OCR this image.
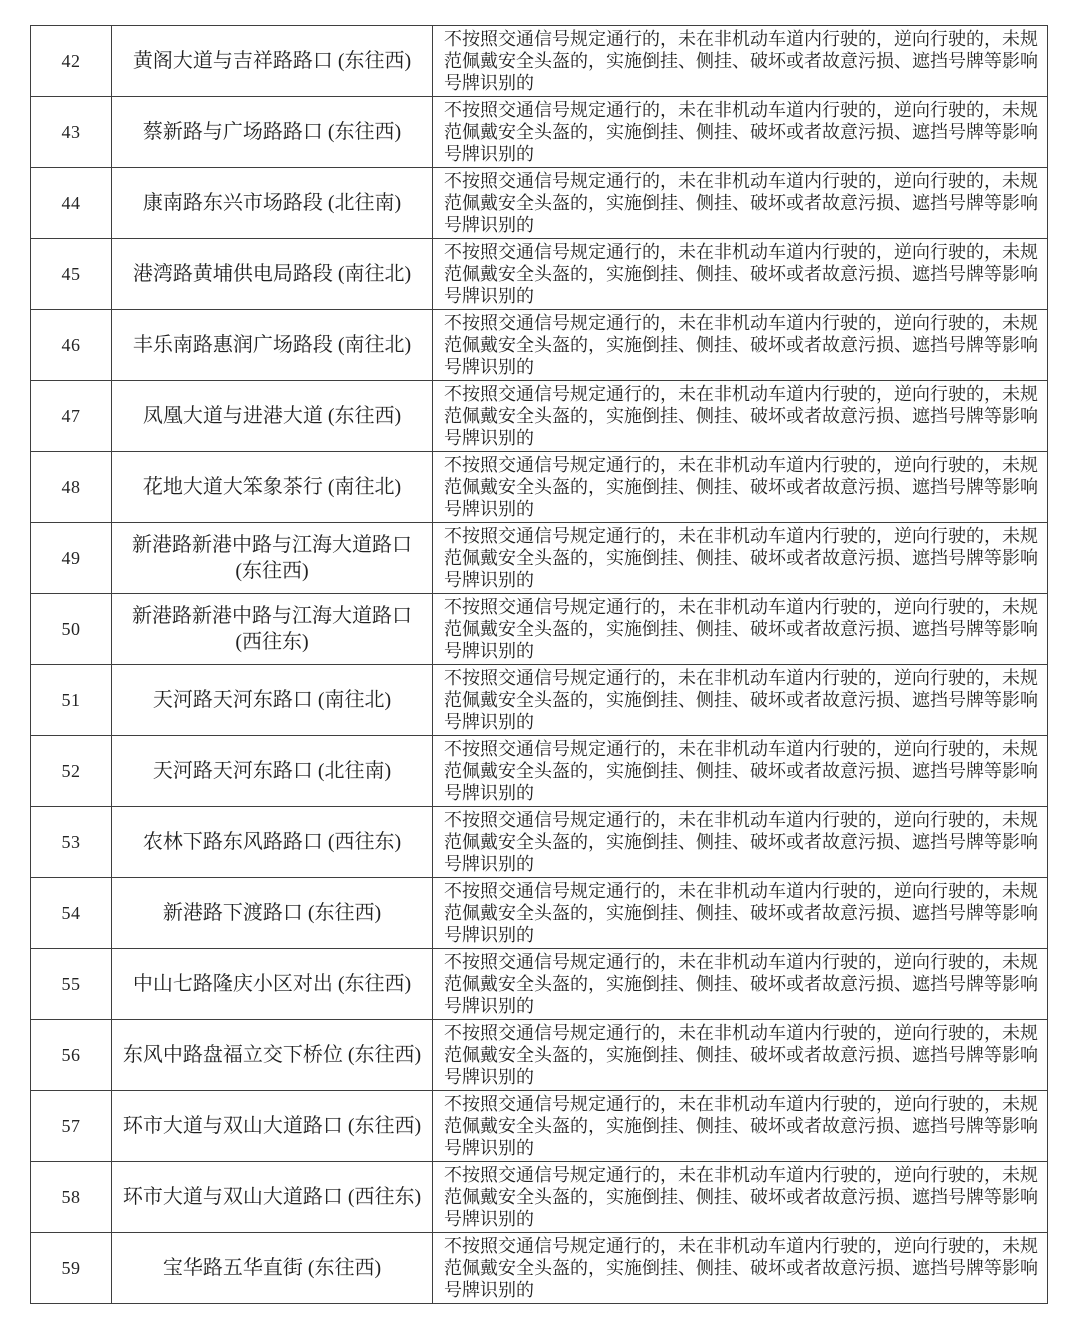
42	黄阁大道与吉祥路路口 (东往西)	不按照交通信号规定通行的，未在非机动车道内行驶的，逆向行驶的，未规范佩戴安全头盔的，实施倒挂、侧挂、破坏或者故意污损、遮挡号牌等影响号牌识别的
43	蔡新路与广场路路口 (东往西)	不按照交通信号规定通行的，未在非机动车道内行驶的，逆向行驶的，未规范佩戴安全头盔的，实施倒挂、侧挂、破坏或者故意污损、遮挡号牌等影响号牌识别的
44	康南路东兴市场路段 (北往南)	不按照交通信号规定通行的，未在非机动车道内行驶的，逆向行驶的，未规范佩戴安全头盔的，实施倒挂、侧挂、破坏或者故意污损、遮挡号牌等影响号牌识别的
45	港湾路黄埔供电局路段 (南往北)	不按照交通信号规定通行的，未在非机动车道内行驶的，逆向行驶的，未规范佩戴安全头盔的，实施倒挂、侧挂、破坏或者故意污损、遮挡号牌等影响号牌识别的
46	丰乐南路惠润广场路段 (南往北)	不按照交通信号规定通行的，未在非机动车道内行驶的，逆向行驶的，未规范佩戴安全头盔的，实施倒挂、侧挂、破坏或者故意污损、遮挡号牌等影响号牌识别的
47	凤凰大道与进港大道 (东往西)	不按照交通信号规定通行的，未在非机动车道内行驶的，逆向行驶的，未规范佩戴安全头盔的，实施倒挂、侧挂、破坏或者故意污损、遮挡号牌等影响号牌识别的
48	花地大道大笨象茶行 (南往北)	不按照交通信号规定通行的，未在非机动车道内行驶的，逆向行驶的，未规范佩戴安全头盔的，实施倒挂、侧挂、破坏或者故意污损、遮挡号牌等影响号牌识别的
49	新港路新港中路与江海大道路口 (东往西)	不按照交通信号规定通行的，未在非机动车道内行驶的，逆向行驶的，未规范佩戴安全头盔的，实施倒挂、侧挂、破坏或者故意污损、遮挡号牌等影响号牌识别的
50	新港路新港中路与江海大道路口 (西往东)	不按照交通信号规定通行的，未在非机动车道内行驶的，逆向行驶的，未规范佩戴安全头盔的，实施倒挂、侧挂、破坏或者故意污损、遮挡号牌等影响号牌识别的
51	天河路天河东路口 (南往北)	不按照交通信号规定通行的，未在非机动车道内行驶的，逆向行驶的，未规范佩戴安全头盔的，实施倒挂、侧挂、破坏或者故意污损、遮挡号牌等影响号牌识别的
52	天河路天河东路口 (北往南)	不按照交通信号规定通行的，未在非机动车道内行驶的，逆向行驶的，未规范佩戴安全头盔的，实施倒挂、侧挂、破坏或者故意污损、遮挡号牌等影响号牌识别的
53	农林下路东风路路口 (西往东)	不按照交通信号规定通行的，未在非机动车道内行驶的，逆向行驶的，未规范佩戴安全头盔的，实施倒挂、侧挂、破坏或者故意污损、遮挡号牌等影响号牌识别的
54	新港路下渡路口 (东往西)	不按照交通信号规定通行的，未在非机动车道内行驶的，逆向行驶的，未规范佩戴安全头盔的，实施倒挂、侧挂、破坏或者故意污损、遮挡号牌等影响号牌识别的
55	中山七路隆庆小区对出 (东往西)	不按照交通信号规定通行的，未在非机动车道内行驶的，逆向行驶的，未规范佩戴安全头盔的，实施倒挂、侧挂、破坏或者故意污损、遮挡号牌等影响号牌识别的
56	东风中路盘福立交下桥位 (东往西)	不按照交通信号规定通行的，未在非机动车道内行驶的，逆向行驶的，未规范佩戴安全头盔的，实施倒挂、侧挂、破坏或者故意污损、遮挡号牌等影响号牌识别的
57	环市大道与双山大道路口 (东往西)	不按照交通信号规定通行的，未在非机动车道内行驶的，逆向行驶的，未规范佩戴安全头盔的，实施倒挂、侧挂、破坏或者故意污损、遮挡号牌等影响号牌识别的
58	环市大道与双山大道路口 (西往东)	不按照交通信号规定通行的，未在非机动车道内行驶的，逆向行驶的，未规范佩戴安全头盔的，实施倒挂、侧挂、破坏或者故意污损、遮挡号牌等影响号牌识别的
59	宝华路五华直街 (东往西)	不按照交通信号规定通行的，未在非机动车道内行驶的，逆向行驶的，未规范佩戴安全头盔的，实施倒挂、侧挂、破坏或者故意污损、遮挡号牌等影响号牌识别的
